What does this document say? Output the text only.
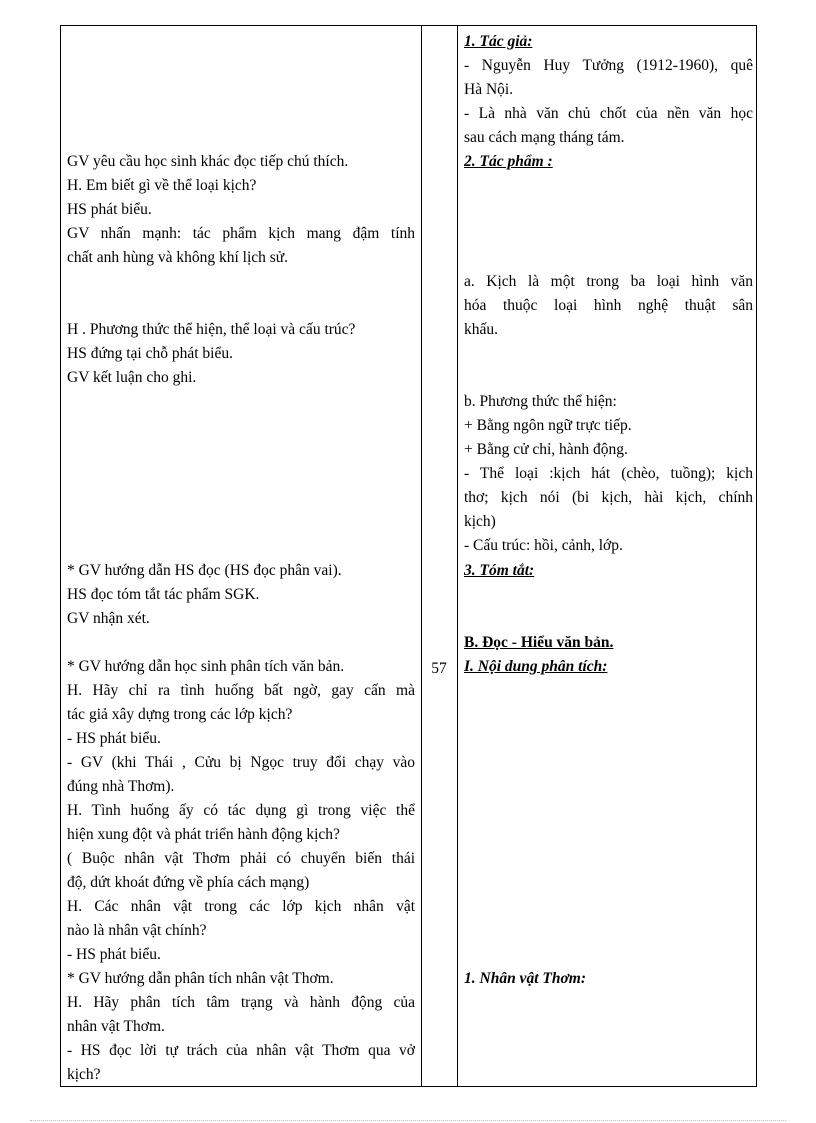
GV yêu cầu học sinh khác đọc tiếp chú thích.
H. Em biết gì về thể loại kịch?
HS phát biểu.
GV nhấn mạnh: tác phẩm kịch mang đậm tính
chất anh hùng và không khí lịch sử.
H . Phương thức thể hiện, thể loại và cấu trúc?
HS đứng tại chỗ phát biểu.
GV kết luận cho ghi.
* GV hướng dẫn HS đọc (HS đọc phân vai).
HS đọc tóm tắt tác phẩm SGK.
GV nhận xét.
* GV hướng dẫn học sinh phân tích văn bản.
H. Hãy chỉ ra tình huống bất ngờ, gay cấn mà
tác giả xây dựng trong các lớp kịch?
- HS phát biểu.
- GV (khi Thái , Cửu bị Ngọc truy đổi chạy vào
đúng nhà Thơm).
H. Tình huống ấy có tác dụng gì trong việc thể
hiện xung đột và phát triển hành động kịch?
( Buộc nhân vật Thơm phải có chuyển biến thái
độ, dứt khoát đứng về phía cách mạng)
H. Các nhân vật trong các lớp kịch nhân vật
nào là nhân vật chính?
- HS phát biểu.
* GV hướng dẫn phân tích nhân vật Thơm.
H. Hãy phân tích tâm trạng và hành động của
nhân vật Thơm.
- HS đọc lời tự trách của nhân vật Thơm qua vở
kịch?
57
1. Tác giả:
- Nguyễn Huy Tưởng (1912-1960), quê
Hà Nội.
- Là nhà văn chủ chốt của nền văn học
sau cách mạng tháng tám.
2. Tác phẩm :
a. Kịch là một trong ba loại hình văn
hóa thuộc loại hình nghệ thuật sân
khấu.
b. Phương thức thể hiện:
+ Bằng ngôn ngữ trực tiếp.
+ Bằng cử chỉ, hành động.
- Thể loại :kịch hát (chèo, tuồng); kịch
thơ; kịch nói (bi kịch, hài kịch, chính
kịch)
- Cấu trúc: hồi, cảnh, lớp.
3. Tóm tắt:
B. Đọc - Hiểu văn bản.
I. Nội dung phân tích:
1. Nhân vật Thơm:
